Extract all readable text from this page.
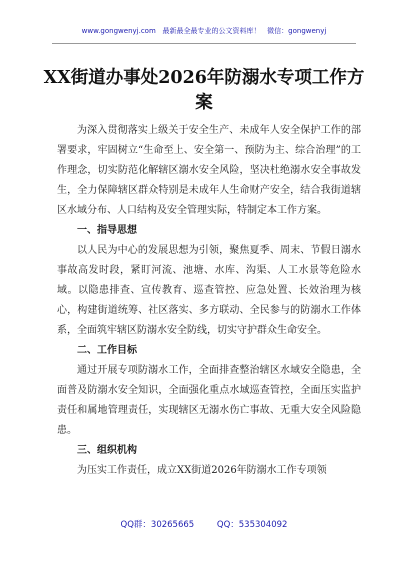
www.gongwenyj.com 最新最全最专业的公文资料库！ 微信：gongwenyj
XX街道办事处2026年防溺水专项工作方案

为深入贯彻落实上级关于安全生产、未成年人安全保护工作的部署要求，牢固树立“生命至上、安全第一、预防为主、综合治理”的工作理念，切实防范化解辖区溺水安全风险，坚决杜绝溺水安全事故发生，全力保障辖区群众特别是未成年人生命财产安全，结合我街道辖区水域分布、人口结构及安全管理实际，特制定本工作方案。

一、指导思想

以人民为中心的发展思想为引领，聚焦夏季、周末、节假日溺水事故高发时段，紧盯河流、池塘、水库、沟渠、人工水景等危险水域。以隐患排查、宣传教育、巡查管控、应急处置、长效治理为核心，构建街道统筹、社区落实、多方联动、全民参与的防溺水工作体系，全面筑牢辖区防溺水安全防线，切实守护群众生命安全。

二、工作目标

通过开展专项防溺水工作，全面排查整治辖区水域安全隐患，全面普及防溺水安全知识，全面强化重点水域巡查管控，全面压实监护责任和属地管理责任，实现辖区无溺水伤亡事故、无重大安全风险隐患。

三、组织机构

为压实工作责任，成立XX街道2026年防溺水工作专项领

QQ群：30265665	QQ：535304092
